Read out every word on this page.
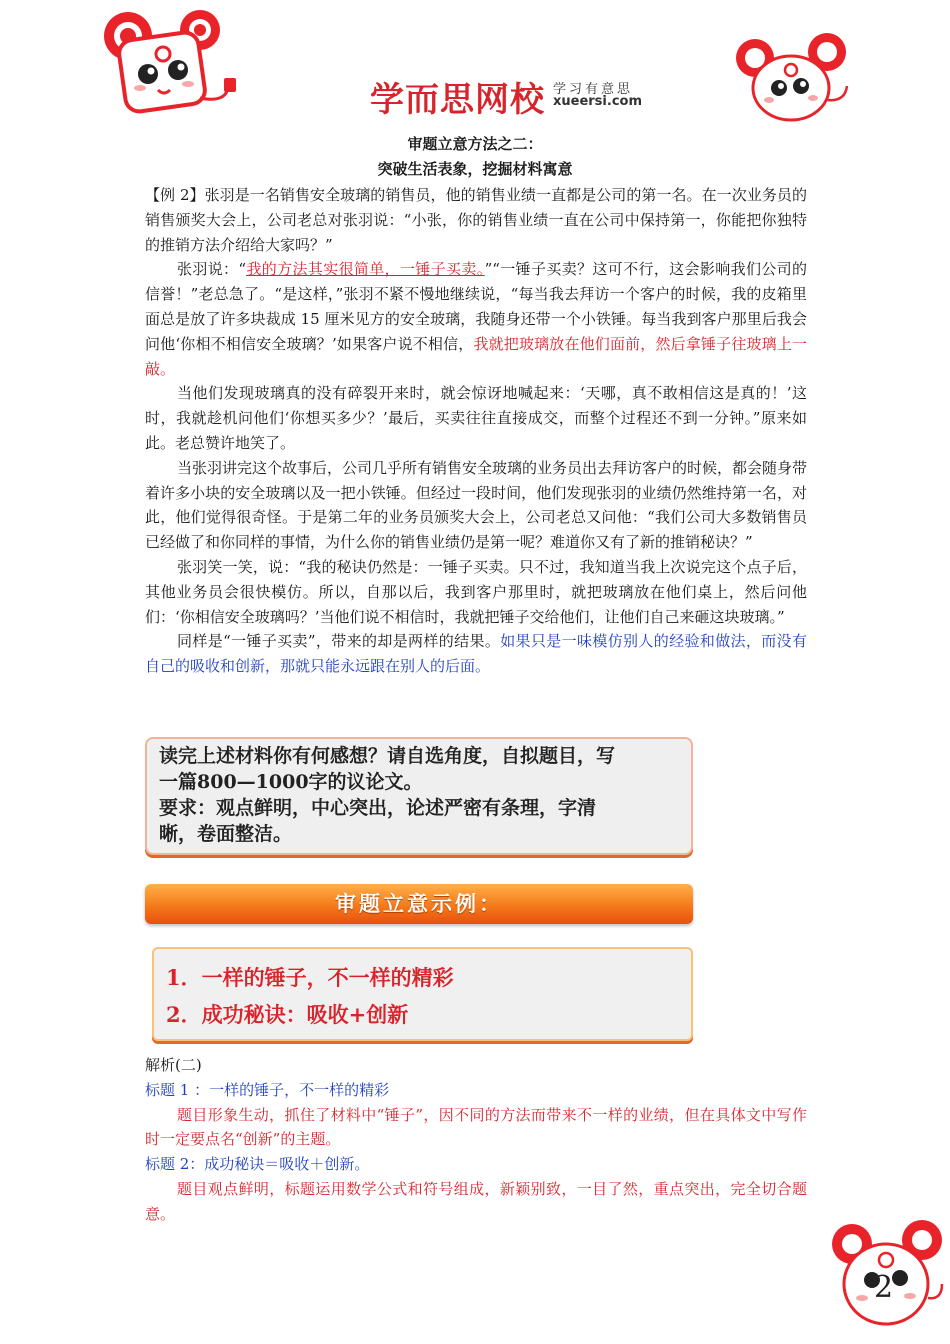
学而思网校 学习有意思
xueersi.com
审题立意方法之二：
突破生活表象，挖掘材料寓意

【例 2】张羽是一名销售安全玻璃的销售员，他的销售业绩一直都是公司的第一名。在一次业务员的销售颁奖大会上，公司老总对张羽说：“小张，你的销售业绩一直在公司中保持第一，你能把你独特的推销方法介绍给大家吗？”

张羽说：“我的方法其实很简单，一锤子买卖。”“一锤子买卖？这可不行，这会影响我们公司的信誉！”老总急了。“是这样，”张羽不紧不慢地继续说，“每当我去拜访一个客户的时候，我的皮箱里面总是放了许多块裁成 15 厘米见方的安全玻璃，我随身还带一个小铁锤。每当我到客户那里后我会问他‘你相不相信安全玻璃？’如果客户说不相信，我就把玻璃放在他们面前，然后拿锤子往玻璃上一敲。

当他们发现玻璃真的没有碎裂开来时，就会惊讶地喊起来：‘天哪，真不敢相信这是真的！’这时，我就趁机问他们‘你想买多少？’最后，买卖往往直接成交，而整个过程还不到一分钟。”原来如此。老总赞许地笑了。

当张羽讲完这个故事后，公司几乎所有销售安全玻璃的业务员出去拜访客户的时候，都会随身带着许多小块的安全玻璃以及一把小铁锤。但经过一段时间，他们发现张羽的业绩仍然维持第一名，对此，他们觉得很奇怪。于是第二年的业务员颁奖大会上，公司老总又问他：“我们公司大多数销售员已经做了和你同样的事情，为什么你的销售业绩仍是第一呢？难道你又有了新的推销秘诀？”

张羽笑一笑，说：“我的秘诀仍然是：一锤子买卖。只不过，我知道当我上次说完这个点子后，其他业务员会很快模仿。所以，自那以后，我到客户那里时，就把玻璃放在他们桌上，然后问他们：‘你相信安全玻璃吗？’当他们说不相信时，我就把锤子交给他们，让他们自己来砸这块玻璃。”

同样是“一锤子买卖”，带来的却是两样的结果。如果只是一味模仿别人的经验和做法，而没有自己的吸收和创新，那就只能永远跟在别人的后面。

读完上述材料你有何感想？请自选角度，自拟题目，写
一篇800—1000字的议论文。
要求：观点鲜明，中心突出，论述严密有条理，字清
晰，卷面整洁。
审题立意示例：
1．一样的锤子，不一样的精彩
2．成功秘诀：吸收+创新

解析(二)

标题 1 ：一样的锤子，不一样的精彩

题目形象生动，抓住了材料中“锤子”，因不同的方法而带来不一样的业绩，但在具体文中写作时一定要点名“创新”的主题。

标题 2：成功秘诀＝吸收＋创新。

题目观点鲜明，标题运用数学公式和符号组成，新颖别致，一目了然，重点突出，完全切合题意。

2
